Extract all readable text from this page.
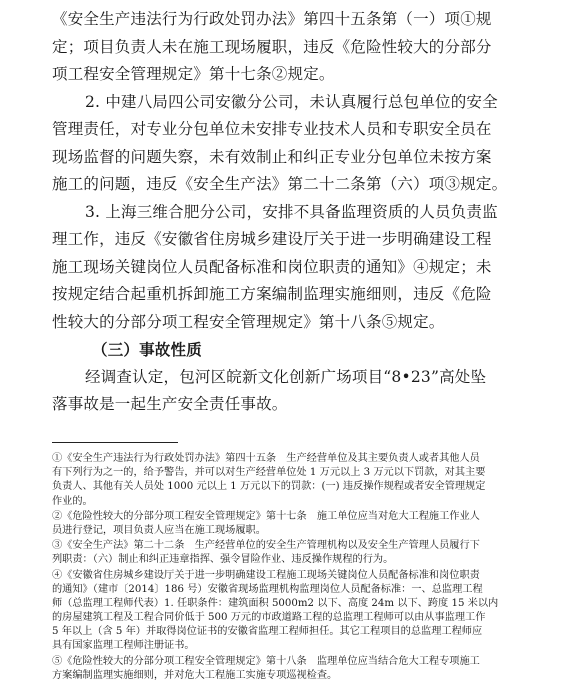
《安全生产违法行为行政处罚办法》第四十五条第（一）项①规
定；项目负责人未在施工现场履职，违反《危险性较大的分部分
项工程安全管理规定》第十七条②规定。
2. 中建八局四公司安徽分公司，未认真履行总包单位的安全
管理责任，对专业分包单位未安排专业技术人员和专职安全员在
现场监督的问题失察，未有效制止和纠正专业分包单位未按方案
施工的问题，违反《安全生产法》第二十二条第（六）项③规定。
3. 上海三维合肥分公司，安排不具备监理资质的人员负责监
理工作，违反《安徽省住房城乡建设厅关于进一步明确建设工程
施工现场关键岗位人员配备标准和岗位职责的通知》④规定；未
按规定结合起重机拆卸施工方案编制监理实施细则，违反《危险
性较大的分部分项工程安全管理规定》第十八条⑤规定。
（三）事故性质
经调查认定，包河区皖新文化创新广场项目“8•23”高处坠
落事故是一起生产安全责任事故。
①《安全生产违法行为行政处罚办法》第四十五条　生产经营单位及其主要负责人或者其他人员
有下列行为之一的，给予警告，并可以对生产经营单位处 1 万元以上 3 万元以下罚款，对其主要
负责人、其他有关人员处 1000 元以上 1 万元以下的罚款：(一) 违反操作规程或者安全管理规定
作业的。
②《危险性较大的分部分项工程安全管理规定》第十七条　施工单位应当对危大工程施工作业人
员进行登记，项目负责人应当在施工现场履职。
③《安全生产法》第二十二条　生产经营单位的安全生产管理机构以及安全生产管理人员履行下
列职责：（六）制止和纠正违章指挥、强令冒险作业、违反操作规程的行为。
④《安徽省住房城乡建设厅关于进一步明确建设工程施工现场关键岗位人员配备标准和岗位职责
的通知》（建市〔2014〕186 号）安徽省现场监理机构监理岗位人员配备标准：一、总监理工程
师（总监理工程师代表）1. 任职条件：建筑面积 5000m2 以下、高度 24m 以下、跨度 15 米以内
的房屋建筑工程及工程合同价低于 500 万元的市政道路工程的总监理工程师可以由从事监理工作
5 年以上（含 5 年）并取得岗位证书的安徽省监理工程师担任。其它工程项目的总监理工程师应
具有国家监理工程师注册证书。
⑤《危险性较大的分部分项工程安全管理规定》第十八条　监理单位应当结合危大工程专项施工
方案编制监理实施细则，并对危大工程施工实施专项巡视检查。
